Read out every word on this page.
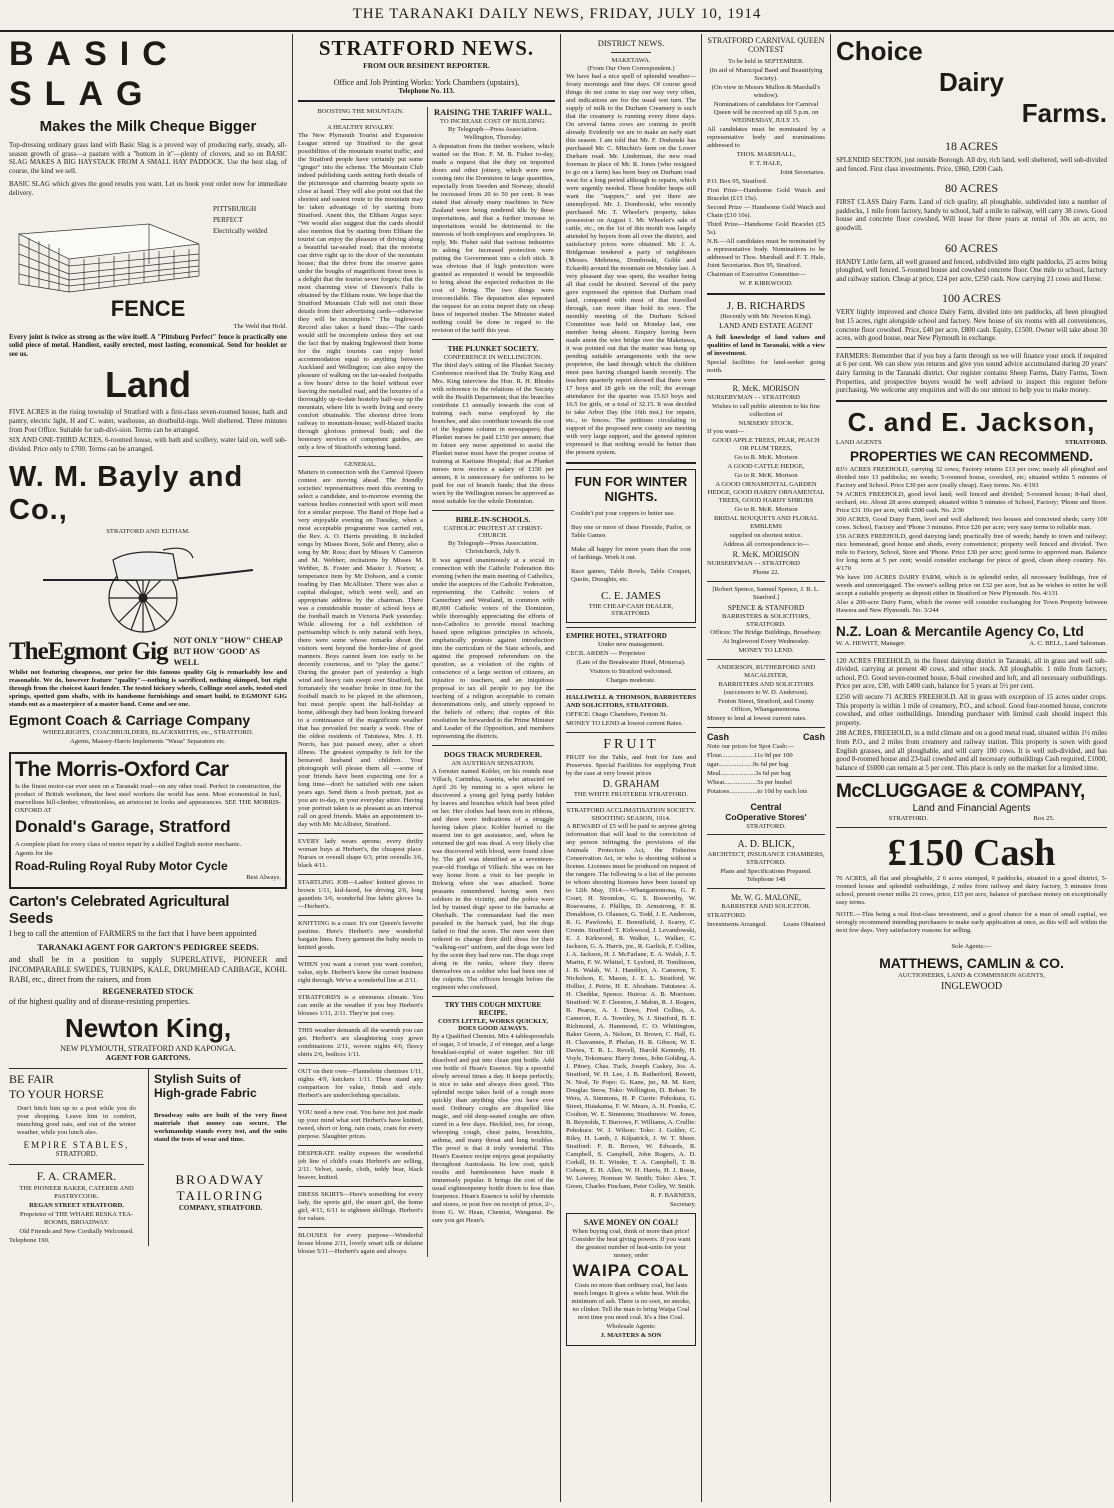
THE TARANAKI DAILY NEWS, FRIDAY, JULY 10, 1914
BASIC SLAG
Makes the Milk Cheque Bigger
Top-dressing ordinary grass land with Basic Slag is a proved way of producing early, steady, all-season growth of grass—a pasture with a "bottom in it"—plenty of clovers, and so on BASIC SLAG MAKES A BIG HAYSTACK FROM A SMALL HAY PADDOCK. Use the best slag, of course, the kind we sell.
BASIC SLAG which gives the good results you want. Let us book your order now for immediate delivery.
PITTSBURGH
PERFECT
Electrically welded
FENCE
The Weld that Hold.
Every joint is twice as strong as the wire itself. A "Pittsburg Perfect" fence is practically one solid piece of metal. Handiest, easily erected, most lasting, economical. Send for booklet or see us.
Land
FIVE ACRES in the rising township of Stratford with a first-class seven-roomed house, bath and pantry, electric light, H and C. water, washouse, an doutbuild-ings. Well sheltered. Three minutes from Post Office. Suitable for sub-divi-sion. Terms can be arranged.
SIX AND ONE-THIRD ACRES, 6-roomed house, with bath and scullery, water laid on, well sub-divided. Price only to £700. Terms can be arranged.
W. M. Bayly and Co.,
STRATFORD AND ELTHAM.
TheEgmont Gig NOT ONLY "HOW" CHEAP
BUT HOW 'GOOD' AS WELL
Whilst not featuring cheapness, our price for this famous quality Gig is remarkably low and reasonable. We do, however feature "quality"—nothing is sacrificed, nothing skimped, but right through from the choicest kauri fender. The tested hickory wheels, Collinge steel axels, tested steel springs, spotted gum shafts, with its handsome furnishings and smart build, to EGMONT GIG stands out as a masterpiece of a master band. Come and see one.
Egmont Coach & Carriage Company
WHEELRIGHTS, COACHBUILDERS, BLACKSMITHS, etc., STRATFORD.
Agents, Massey-Harris Implements "Waua" Separators etc.
The Morris-Oxford Car
Is the finest motor-car ever seen on a Taranaki road—on any other road. Perfect in construction, the product of British workmen, the best steel workers the world has seen. Most economical in fuel, marvellous hill-climber, vibrationless, an aristocrat in looks and appearances. SEE THE MORRIS-OXFORD AT
Donald's Garage, Stratford
A complete plant for every class of motor repair by a skilled English motor mechanic.
Agents for the
Road-Ruling Royal Ruby Motor Cycle
Best Always.
Carton's Celebrated Agricultural
Seeds
I beg to call the attention of FARMERS to the fact that I have been appointed
TARANAKI AGENT FOR GARTON'S PEDIGREE SEEDS.
and shall be in a position to supply SUPERLATIVE, PIONEER and INCOMPARABLE SWEDES, TURNIPS, KALE, DRUMHEAD CABBAGE, KOHL RABI, etc., direct from the raisers, and from
REGENERATED STOCK
of the highest quality and of disease-resisting properties.
Newton King,
NEW PLYMOUTH, STRATFORD AND KAPONGA.
AGENT FOR GARTONS.
BE FAIR
TO YOUR HORSE
Don't hitch him up to a post while you do your shopping. Leave him in comfort, munching good oats, and out of the winter weather, while you lunch also.
EMPIRE STABLES,
STRATFORD.
F. A. CRAMER.
THE PIONEER BAKER, CATERER AND PASTRYCOOK.
REGAN STREET STRATFORD.
Proprietor of THE WHARE RESKA TEA-ROOMS, BROADWAY.
Old Friends and New Cordially Welcomed.
Telephone 190.
Stylish Suits of
High-grade Fabric
Broadway suits are built of the very finest materials that money can secure. The workmanship stands every test, and the suits stand the tests of wear and time.
BROADWAY
TAILORING
COMPANY, STRATFORD.
STRATFORD NEWS.
FROM OUR RESIDENT REPORTER.
Office and Job Printing Works: York Chambers (upstairs),
Telephone No. 113.
BOOSTING THE MOUNTAIN.
A HEALTHY RIVALRY.
The New Plymouth Tourist and Expansion League stirred up Stratford to the great possibilities of the mountain tourist traffic, and the Stratford people have certainly put some "ginger" into the scheme. The Mountain Club indeed publishing cards setting forth details of the picturesque and charming beauty spots so close at hand. They will also point out that the shortest and easiest route to the mountain may be taken advantage of by starting from Stratford. Anent this, the Eltham Argus says: "We would also suggest that the cards should also mention that by starting from Eltham the tourist can enjoy the pleasure of driving along a beautiful tar-sealed road; that the motorist can drive right up to the door of the mountain house; that the drive from the reserve gates under the boughs of magnificent forest trees is a delight that the tourist never forgets; that the most charming view of Dawson's Falls is obtained by the Eltham route. We hope that the Stratford Mountain Club will not omit these details from their advertising cards—otherwise they will be incomplete." The Inglewood Record also takes a hand thus:—The cards would still be incomplete unless they set out the fact that by making Inglewood their home for the night tourists can enjoy hotel accommodation equal to anything between Auckland and Wellington; can also enjoy the pleasure of walking on the tar-sealed footpaths a few hours' drive to the hotel without ever leaving the metalled road, and the luxuries of a thoroughly up-to-date hostelry half-way up the mountain, where life is worth living and every comfort obtainable. The shortest drive from railway to mountain-house; well-blazed tracks through glorious primeval bush; and the honorary services of competent guides, are only a few of Stratford's winning band.
GENERAL.
Matters in connection with the Carnival Queen contest are moving ahead. The friendly societies' representatives meet this evening to select a candidate, and to-morrow evening the various bodies connected with sport will meet for a similar purpose. The Band of Hope had a very enjoyable evening on Tuesday, when a most acceptable programme was carried out, the Rev. A. O. Harris presiding. It included songs by Misses Boon, Sole and Henry, also a song by Mr. Ross; duet by Misses V. Cameron and M. Webber; recitations by Misses M. Webber, B. Foster and Master J. Norton; a temperance item by Mr Dobson, and a comic reading by Dan McAllister. There was also a capital dialogue, which went well, and an appropriate address by the chairman. There was a considerable muster of school boys at the football match in Victoria Park yesterday. While allowing for a full exhibition of partisanship which is only natural with boys, there were some whose remarks about the visitors went beyond the border-line of good manners. Boys cannot learn too early to be decently courteous, and to "play the game." During the greater part of yesterday a high wind and heavy rain swept over Stratford, but fortunately the weather broke in time for the football match to be played in the afternoon, but most people spent the half-holiday at home, although they had been looking forward to a continuance of the magnificent weather that has prevailed for nearly a week. One of the oldest residents of Tututawa, Mrs. J. H. Norris, has just passed away, after a short illness. The greatest sympathy is felt for the bereaved husband and children. Your photograph will please them all —some of your friends have been expecting one for a long time—don't be satisfied with one taken years ago. Send them a fresh portrait, just as you are to-day, in your everyday attire. Having your portrait taken is as pleasant as an interval call on good friends. Make an appointment to-day with Mr. McAllister, Stratford.
EVERY lady wears aprons; every thrifty woman buys at Herbert's, the cheapest place. Nurses or overall shape 6/3, print overalls 3/6, black 4/11.
STARTLING JOB—Ladies' knitted gloves in brown 1/11, kid-faced, for driving 2/6, long gauntlets 3/6, wonderful line fabric gloves 1s.—Herbert's.
KNITTING is a craze. It's our Queen's favorite pastime. Here's Herbert's new wonderful bargain lines. Every garment the buhy needs in knitted goods.
WHEN you want a corset you want comfort, value, style. Herbert's know the corset business right through. We've a wonderful line at 2/11.
STRATFORD'S is a strenuous climate. You can smile at the weather if you buy Herbert's blouses 1/11, 2/11. They're just cosy.
THIS weather demands all the warmth you can get. Herbert's are slaughtering cosy gown combinations 2/11, woven nights 4/6, fleecy shirts 2/6, bodices 1/11.
OUT on their own—Flannelette chemises 1/11, nights 4/9, knickers 1/11. These stand any comparison for value, finish and style. Herbert's are underclothing specialists.
YOU need a new coat. You have not just made up your mind what sort Herbert's have knitted, tweed, short or long, rain coats, coats for every purpose. Slaughter prices.
DESPERATE reality exposes the wonderful job line of child's coats Herbert's are selling, 2/11. Velvet, suede, cloth, teddy bear, black beaver, knitted.
DRESS SKIRTS—Here's something for every lady, the sports girl, the smart girl, the home girl, 4/11, 6/11 to eighteen shillings. Herbert's for values.
BLOUSES for every purpose—Wonderful house blouse 2/11, lovely smart silk or delaine blouse 5/11—Herbert's again and always.
RAISING THE TARIFF WALL.
TO INCREASE COST OF BUILDING.
By Telegraph—Press Association. Wellington, Thursday.
A deputation from the timber workers, which waited on the Hon. F. M. B. Fisher to-day, made a request that the duty on imported doors and other joinery, which were now coming into the Dominion in large quantities, especially from Sweden and Norway, should be increased from 20 to 50 per cent. It was stated that already many machines in New Zealand were being rendered idle by these importations, and that a further increase in importations would be detrimental to the interests of both employers and employees. In reply, Mr. Fisher said that various industries in asking for increased protection were putting the Government into a cleft stick. It was obvious that if high protection were granted as requested it would be impossible to bring about the expected reduction in the cost of living. The two things were irreconcilable. The deputation also repeated the request for an extra import duty on cheap lines of imported timber. The Minister stated nothing could be done in regard to the revision of the tariff this year.
THE PLUNKET SOCIETY.
CONFERENCE IN WELLINGTON.
The third day's sitting of the Plunket Society Conference resolved that Dr. Truby King and Mrs. King interview the Hon. R. H. Rhodes with reference to the relations of the Society with the Health Department; that the branches contribute £1 annually towards the cost of training each nurse employed by the branches, and also contribute towards the cost of the hygiene column in newspapers; that Plunket nurses be paid £150 per annum; that in future any nurse appointed to assist the Plunket nurse must have the proper course of training at Karitane Hospital; that as Plunket nurses now receive a salary of £150 per annum, it is unnecessary for uniforms to be paid for out of branch funds; that the dress worn by the Wellington nurses be approved as most suitable for the whole Dominion.
BIBLE-IN-SCHOOLS.
CATHOLIC PROTEST AT CHRIST-CHURCH.
By Telegraph—Press Association. Christchurch, July 9.
It was agreed unanimously at a social in connection with the Catholic Federation this evening (when the main meeting of Catholics, under the auspices of the Catholic Federation, representing the Catholic voters of Canterbury and Westland, in common with 80,000 Catholic voters of the Dominion, while thoroughly appreciating the efforts of non-Catholics to provide moral teaching based upon religious principles in schools, emphatically protests against introduction into the curriculum of the State schools, and against the proposed referendum on the question, as a violation of the rights of conscience of a large section of citizens, an injustice to teachers, and an iniquitous proposal to tax all people to pay for the teaching of a religion acceptable to certain denominations only, and utterly opposed to the beliefs of others; that copies of this resolution be forwarded to the Prime Minister and Leader of the Opposition, and members representing the districts.
DOGS TRACK MURDERER.
AN AUSTRIAN SENSATION.
A forester named Kobler, on his rounds near Villach, Carinthia, Austria, who attracted on April 26 by running to a spot where he discovered a young girl lying partly hidden by leaves and branches which had been piled on her. Her clothes had been torn to ribbons, and there were indications of a struggle having taken place. Kobler hurried to the nearest inn to get assistance, and, when he returned the girl was dead. A very likely clue was discovered with blood, were found close by. The girl was identified as a seventeen-year-old Fondiga of Villach. She was on her way home from a visit to her people in Birkwig when she was attacked. Some peasants remembered having seen two soldiers in the vicinity, and the police were led by trained dogs' spoor to the barracks at Oberhalb. The commandant had the men paraded in the barrack yard, but the dogs failed to find the scent. The men were then ordered to change their drill dress for their "walking-out" uniform, and the dogs were led by the scent they had now run. The dogs crept along in the ranks, where they threw themselves on a soldier who had been one of the culprits. The officers brought before the regiment who confessed.
TRY THIS COUGH MIXTURE RECIPE.
COSTS LITTLE, WORKS QUICKLY, DOES GOOD ALWAYS.
By a Qualified Chemist. Mix 4 tablespoonfuls of sugar, 3 of treacle, 2 of vinegar, and a large breakfast-cupful of water together. Stir till dissolved and put into clean pint bottle. Add one bottle of Hean's Essence. Sip a spoonful slowly several times a day. It keeps perfectly, is nice to take and always does good. This splendid recipe takes hold of a cough more quickly than anything else you have ever used. Ordinary coughs are dispelled like magic, and old deep-seated coughs are often cured in a few days. Heckled, too, for croup, whooping cough, chest pains, bronchitis, asthma, and many throat and lung troubles. The proof is that it truly wonderful. This Hean's Essence recipe enjoys great popularity throughout Australasia. Its low cost, quick results and harmlessness have made it immensely popular. It brings the cost of the usual eighteenpenny bottle down to less than fourpence. Hean's Essence is sold by chemists and stores, or post free on receipt of price, 2/-, from G. W. Hean, Chemist, Wanganui. Be sure you get Hean's.
DISTRICT NEWS.
MAKETAWA.
(From Our Own Correspondent.)
We have had a nice spell of splendid weather—frosty mornings and fine days. Of course good things do not come to stay our way very often, and indications are for the usual wet turn. The supply of milk to the Durham Creamery is such that the creamery is running every three days. On several farms cows are coming to profit already. Evidently we are to make an early start this season. I am told that Mr. F. Dodunski has purchased Mr. C. Minchin's farm on the Lower Durham road. Mr. Linderman, the new road foreman in place of Mr. R. Jones (who resigned to go on a farm) has been busy on Durham road west for a long period although to repairs, which were urgently needed. These boulder heaps still want the "nappers," and yet there are unemployed. Mr. J. Dombroski, who recently purchased Mr. T. Wheeler's property, takes possession on August 1. Mr. Wheeler's sale of cattle, etc., on the 1st of this month was largely attended by buyers from all over the district, and satisfactory prices were obtained. Mr. J. A. Bridgeman tendered a party of neighbours (Messrs. Mehrtens, Dombroski, Goble and Eckardt) around the mountain on Monday last. A very pleasant day was spent, the weather being all that could be desired. Several of the party gave expressed the opinion that Durham road land, compared with most of that travelled through, can more than hold its own. The monthly meeting of the Durham School Committee was held on Monday last, one member being absent. Enquiry having been made anent the wire bridge over the Maketawa, it was pointed out that the matter was hung up pending suitable arrangements with the new proprietor, the land through which the children must pass having changed hands recently. The teachers quarterly report showed that there were 17 boys and 18 girls on the roll; the average attendance for the quarter was 15.63 boys and 16.5 for girls, or a total of 32.15. It was decided to take Arbor Day (the 16th inst.) for repairs, etc., to fences. The petitions circulating in support of the proposed new county are meeting with very large support, and the general opinion expressed is that nothing would be better than the present system.
FUN FOR WINTER NIGHTS.
Couldn't put your coppers to better use.
Buy one or more of these Fireside, Parlor, or Table Games
Make all happy for more years than the cost of farthings. Work it out.
Race games, Table Bowls, Table Croquet, Quoits, Draughts, etc.
C. E. JAMES
THE CHEAP CASH DEALER, STRATFORD.
EMPIRE HOTEL, STRATFORD
Under new management.
CECIL ARDEN — Proprietor
(Late of the Breakwater Hotel, Moturoa).
Visitors to Stratford welcomed.
Charges moderate.
HALLIWELL & THOMSON, BARRISTERS AND SOLICITORS, STRATFORD.
OFFICE: Otago Chambers, Fenton St.
MONEY TO LEND at lowest current Rates.
FRUIT
FRUIT for the Table, and fruit for Jam and Preserves. Special Facilities for supplying Fruit by the case at very lowest prices
D. GRAHAM
THE WHITE FRUITERER STRATFORD.
STRATFORD ACCLIMATISATION SOCIETY.
SHOOTING SEASON, 1914.
A REWARD of £5 will be paid to anyone giving information that will lead to the conviction of any person infringing the provisions of the Animals Protection Act, the Fisheries Conservation Act, or who is shooting without a license. Licenses must be produced on request of the rangers. The following is a list of the persons to whom shooting licenses have been issued up to 12th May, 1914:—Whangamomona, G. F. Court, H. Stromlon, G. S. Bosworthy, W. Rosewarne, J. Phillips, D. Armstrong, F. R. Donaldson, O. Olausen, G. Todd, J. E. Anderson, R. G. Pawlowki, E. Bonnifield, J. Scarry, C. Cronin. Stratford: T. Kirkwood, J. Levandowski, E. J. Kirkwood, R. Walker, L. Walker, C. Jackson, G. A. Harris, jnr., R. Garlick, F. Collins, J. A. Jackson, H. J. McFarlane, E. A. Walsh, J. T. Martin, F. W. Whittel, T. Lysford, H. Tomlinson, J. B. Walsh, W. J. Hamblyn, A. Cameron, T. Nicholson, E. Mason, J. E. L. Stratford, W. Hollier, J. Petrie, H. E. Abraham. Tututawa: A. H. Cheddar, Spence. Huiroa: A. B. Morrison. Stratford: W. F. Cleeston, J. Mabin, R. J. Rogers, B. Pearce, A. J. Dowe, Fred Collins, A. Cameron, E. A. Townley, N. J. Stratford, B. E. Richmond, A. Hammond, C. O. Whittington, Baker Green, A. Nelson, D. Brown, C. Hall, G. H. Chavannes, P. Phelan, H. R. Gibson, W. E. Davies, T. R. L. Revell, Harold Kennedy, H. Voyle, Tokomaru: Harry Jones, John Golding, A. J. Pitney, Chas. Tuck, Joseph Caskey, Jos. A. Stratford, W. H. Lee, J. B. Rutherford, Rowett, N. Neal, Te Popo: G. Kane, jnr., M. M. Kerr, Douglas Snow, Toko: Wellington, D. Bohan: Te Wera, A. Simmons, H. P. Currie: Pohokura, G. Street, Huiakama, F. W. Mears, A. H. Franks, C. Coulton, W. E. Simmons; Strathmore: W. Jones, B. Reynolds, T. Burrows, F. Williams, A. Crullie: Pohokura: W. J. Wilson: Toko: J. Golder, C. Riley, H. Lamb, J. Kilpatrick, J. W. T. Shore. Stratford: F. B. Brown, W. Edwards, R. Campbell, S. Campbell, John Rogers, A. D. Corkill, H. E. Winder, T. A. Campbell, T. B. Cobson, E. H. Allen, W. H. Harris, H. J. Rosie, W. Lowrey, Norman W. Smith; Toko: Alex. T. Green, Charles Fincham, Peter Colley, W. Smith.
R. F. BARNESS,
Secretary.
SAVE MONEY ON COAL!
When buying coal, think of more than price! Consider the heat giving powers. If you want the greatest number of heat-units for your money, order
WAIPA COAL
Costs no more than ordinary coal, but lasts much longer. It gives a white heat. With the minimum of ash. There is no soot, no smoke, no clinker. Tell the man to bring Waipa Coal next time you need coal. It's a fine Coal.
Wholesale Agents:
J. MASTERS & SON
STRATFORD CARNIVAL QUEEN CONTEST
To be held in SEPTEMBER.
(In aid of Municipal Band and Beautifying Society).
(On view in Messrs Mullon & Marshall's window).
Nominations of candidates for Carnival Queen will be received up till 5 p.m. on WEDNESDAY, JULY 15.
All candidates must be nominated by a representative body and nominations addressed to
THOS. MARSHALL,
F. T. HALE,
Joint Secretaries.
P.O. Box 95, Stratford.
First Prize—Handsome Gold Watch and Bracelet (£15 15s).
Second Prize — Handsome Gold Watch and Chain (£10 10s).
Third Prize—Handsome Gold Bracelet (£5 5s).
N.B.—All candidates must be nominated by a representative body. Nominations to be addressed to Thos. Marshall and F. T. Hale, Joint Secretaries. Box 95, Stratford.
Chairman of Executive Committee—
W. P. KIRKWOOD.
J. B. RICHARDS
(Recently with Mr. Newton King).
LAND AND ESTATE AGENT
A full knowledge of land values and qualities of land in Taranaki, with a view of investment.
Special facilities for land-seeker going north.
R. McK. MORISON
NURSERYMAN - - STRATFORD
Wishes to call public attention to his fine collection of
NURSERY STOCK.
If you want—
GOOD APPLE TREES, PEAR, PEACH OR PLUM TREES,
Go to R. McK. Morison
A GOOD CATTLE HEDGE,
Go to R. McK. Morison
A GOOD ORNAMENTAL GARDEN HEDGE, GOOD HARDY ORNAMENTAL TREES, GOOD HARDY SHRUBS
Go to R. McK. Morison
BRIDAL BOUQUETS AND FLORAL EMBLEMS
supplied on shortest notice.
Address all correspondence to—
R. McK. MORISON
NURSERYMAN - - STRATFORD
Phone 22.
[Robert Spence, Samuel Spence, J. B. L. Stanford.]
SPENCE & STANFORD
BARRISTERS & SOLICITORS,
STRATFORD.
Offices: The Bridge Buildings, Broadway.
At Inglewood Every Wednesday.
MONEY TO LEND.
ANDERSON, RUTHERFORD AND MACALISTER,
BARRISTERS AND SOLICITORS
(successors to W. D. Anderson).
Fenton Street, Stratford, and County Offices, Whangamomona.
Money to lend at lowest current rates.
Cash	Cash
Note our prices for Spot Cash:—
Flour....................11s 9d per 100
ugar.....................9s 6d per bag
Meal.....................3s 6d per bag
Wheat....................5s per bushel
Potatoes.................to 10d by each lots
Central
CoOperative Stores'
STRATFORD.
A. D. BLICK,
ARCHITECT, INSURANCE CHAMBERS, STRATFORD.
Plans and Specifications Prepared. Telephone 148
Mr. W. G. MALONE,
BARRISTER AND SOLICITOR.
STRATFORD.
Investments Arranged. Loans Obtained
Choice
Dairy
Farms.
18 ACRES
SPLENDID SECTION, just outside Borough. All dry, rich land, well sheltered, well sub-divided and fenced. First class investments. Price, £860, £200 Cash.
80 ACRES
FIRST CLASS Dairy Farm. Land of rich quality, all ploughable, subdivided into a number of paddocks, 1 mile from factory, handy to school, half a mile to railway, will carry 38 cows. Good house and concrete floor cowshed, Will lease for three years at rental of 30s an acre, no goodwill.
60 ACRES
HANDY Little farm, all well grassed and fenced, subdivided into eight paddocks, 25 acres being ploughed, well fenced. 5-roomed house and cowshed concrete floor. One mile to school, factory and railway station. Cheap at price, £24 per acre, £250 cash. Now carrying 21 cows and Horse.
100 ACRES
VERY highly improved and choice Dairy Farm, divided into ten paddocks, all been ploughed but 15 acres, right alongside school and factory. New house of six rooms with all conveniences, concrete floor cowshed. Price, £40 per acre, £800 cash. Equity, £1500. Owner will take about 30 acres, with good house, near New Plymouth in exchange.
FARMERS: Remember that if you buy a farm through us we will finance your stock if required at 6 per cent. We can show you returns and give you sound advice accumulated during 20 years' dairy farming in the Taranaki district. Our register contains Sheep Farms, Dairy Farms, Town Properties, and prospective buyers would be well advised to inspect this register before purchasing. We welcome any enquiries and will do our utmost to help you to make money.
C. and E. Jackson,
LAND AGENTS	STRATFORD.
PROPERTIES WE CAN RECOMMEND.
83½ ACRES FREEHOLD, carrying 32 cows; Factory returns £13 per cow; nearly all ploughed and divided into 13 paddocks; no weeds; 5-roomed house, cowshed, etc; situated within 5 minutes of Factory and School. Price £30 per acre (really cheap). Easy terms. No. 4/193
74 ACRES FREEHOLD, good level land; well fenced and divided; 5-roomed house; 8-bail shed, orchard, etc. About 28 acres stumped; situated within 5 minutes of School, Factory; 'Phone and Store. Price £31 10s per acre, with £500 cash. No. 2/36
300 ACRES, Good Dairy Farm, level and well sheltered; two houses and concreted sheds; carry 100 cows. School, Factory and 'Phone 3 minutes. Price £26 per acre; very easy terms to reliable man.
156 ACRES FREEHOLD, good dairying land; practically free of weeds; handy to town and railway; nice homestead, good house and sheds, every convenience; property well fenced and divided. Two mile to Factory, School, Store and 'Phone. Price £30 per acre; good terms to approved man. Balance for long term at 5 per cent; would consider exchange for piece of good, clean sheep country. No. 4/170
We have 100 ACRES DAIRY FARM, which is in splendid order, all necessary buildings, free of weeds and unmortgaged. The owner's selling price on £32 per acre, but as he wishes to retire he will accept a suitable property as deposit either in Stratford or New Plymouth. No. 4/131
Also a 200-acre Dairy Farm, which the owner will consider exchanging for Town Property between Hawera and New Plymouth. No. 3/244
N.Z. Loan & Mercantile Agency Co, Ltd
W. A. HEWITT, Manager.	A. C. BELL, Land Salesman.
120 ACRES FREEHOLD, in the finest dairying district in Taranaki, all in grass and well sub-divided, carrying at present 40 cows, and other stock. All ploughable. 1 mile from factory, school, P.O. Good seven-roomed house, 8-bail cowshed and loft, and all necessary outbuildings. Price per acre, £30, with £400 cash, balance for 5 years at 5½ per cent.
£250 will secure 71 ACRES FREEHOLD. All in grass with exception of 15 acres under crops. This property is within 1 mile of creamery, P.O., and school. Good four-roomed house, concrete cowshed, and other outbuildings. Intending purchaser with limited cash should inspect this property.
288 ACRES, FREEHOLD, in a mild climate and on a good metal road, situated within 1½ miles from P.O., and 2 miles from creamery and railway station. This property is sown with good English grasses, and all ploughable, and will carry 100 cows. It is well sub-divided, and has good 8-roomed house and 23-bail cowshed and all necessary outbuildings Cash required, £1000, balance of £6000 can remain at 5 per cent. This place is only on the market for a limited time.
McCLUGGAGE & COMPANY,
Land and Financial Agents
STRATFORD.	Box 25.
£150 Cash
76 ACRES, all flat and ploughable, 2 6 acres stumped, 9 paddocks, situated in a good district, 5-roomed house and splendid outbuildings, 2 miles from railway and dairy factory, 5 minutes from school, present owner milks 21 cows, price, £15 per acre, balance of purchase money on exceptionally easy terms.
NOTE.—This being a real first-class investment, and a good chance for a man of small capital, we strongly recommend intending purchasers to make early application at once, as this will sell within the next few days. Very satisfactory reasons for selling.
Sole Agents:—
MATTHEWS, CAMLIN & CO.
AUCTIONEERS, LAND & COMMISSION AGENTS,
INGLEWOOD
